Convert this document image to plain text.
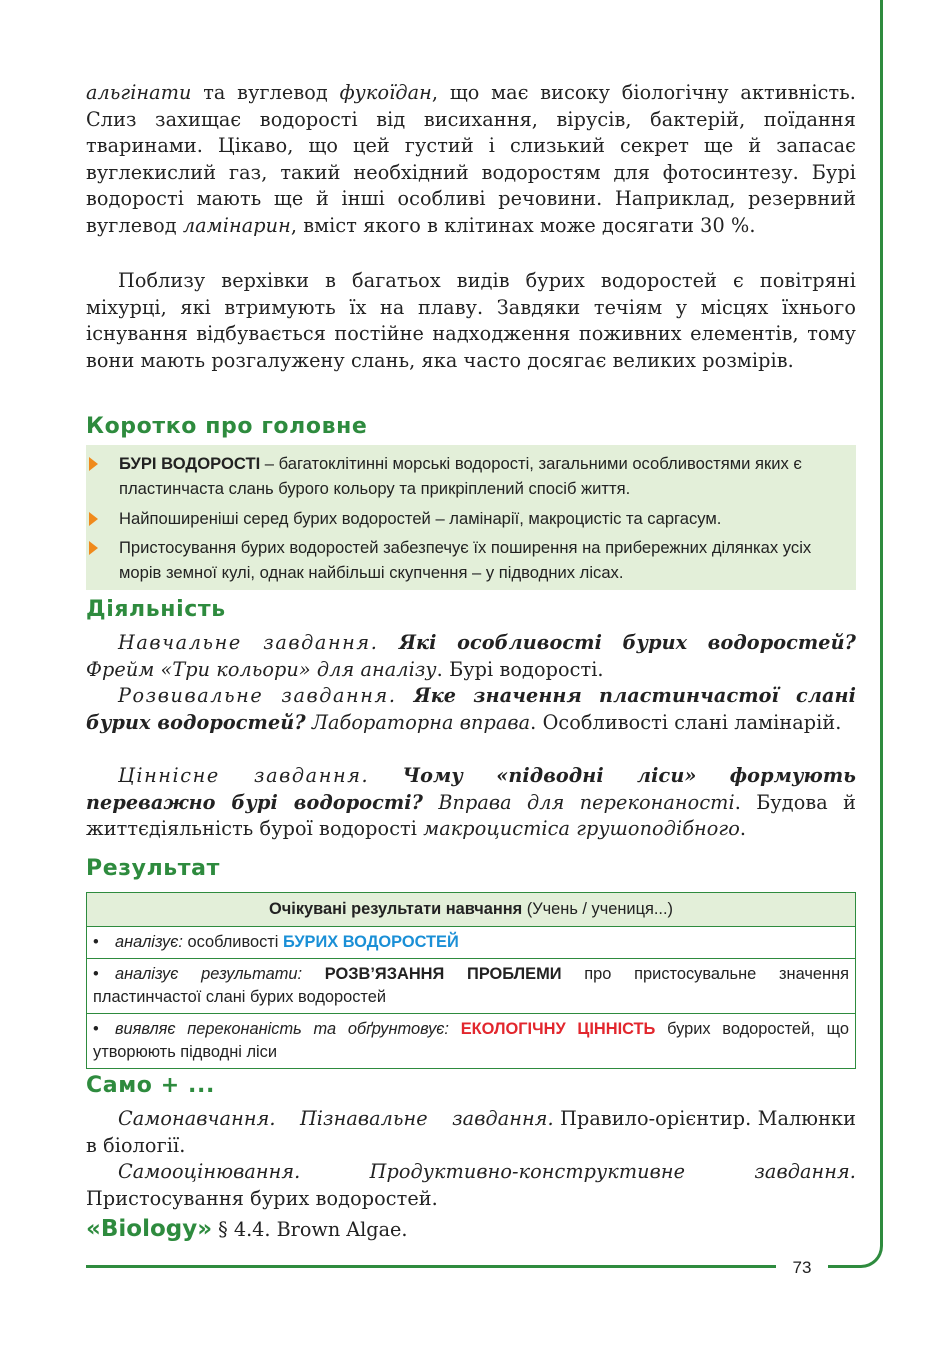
73

альгінати та вуглевод фукоїдан, що має високу біологічну активність. Слиз захищає водорості від висихання, вірусів, бактерій, поїдання тваринами. Цікаво, що цей густий і слизький секрет ще й запасає вуглекислий газ, такий необхідний водоростям для фотосинтезу. Бурі водорості мають ще й інші особливі речовини. Наприклад, резервний вуглевод ламінарин, вміст якого в клітинах може досягати 30 %.

Поблизу верхівки в багатьох видів бурих водоростей є повітряні міхурці, які втримують їх на плаву. Завдяки течіям у місцях їхнього існування відбувається постійне надходження поживних елементів, тому вони мають розгалужену слань, яка часто досягає великих розмірів.

Коротко про головне
БУРІ ВОДОРОСТІ – багатоклітинні морські водорості, загальними особливостями яких є пластинчаста слань бурого кольору та прикріплений спосіб життя.
Найпоширеніші серед бурих водоростей – ламінарії, макроцистіс та саргасум.
Пристосування бурих водоростей забезпечує їх поширення на прибережних ділянках усіх морів земної кулі, однак найбільші скупчення – у підводних лісах.
Діяльність

Навчальне завдання. Які особливості бурих водоростей? Фрейм «Три кольори» для аналізу. Бурі водорості.

Розвивальне завдання. Яке значення пластинчастої слані бурих водоростей? Лабораторна вправа. Особливості слані ламінарій.

Ціннісне завдання. Чому «підводні ліси» формують переважно бурі водорості? Вправа для переконаності. Будова й життєдіяльність бурої водорості макроцистіса грушоподібного.

Результат
Очікувані результати навчання (Учень / учениця...)
• аналізує: особливості БУРИХ ВОДОРОСТЕЙ
• аналізує результати: РОЗВ’ЯЗАННЯ ПРОБЛЕМИ про пристосувальне значення пластинчастої слані бурих водоростей
• виявляє переконаність та обґрунтовує: ЕКОЛОГІЧНУ ЦІННІСТЬ бурих водоростей, що утворюють підводні ліси
Само + ...

Самонавчання. Пізнавальне завдання. Правило-орієнтир. Малюнки в біології.

Самооцінювання. Продуктивно-конструктивне завдання. Пристосування бурих водоростей.

«Biology» § 4.4. Brown Algae.
